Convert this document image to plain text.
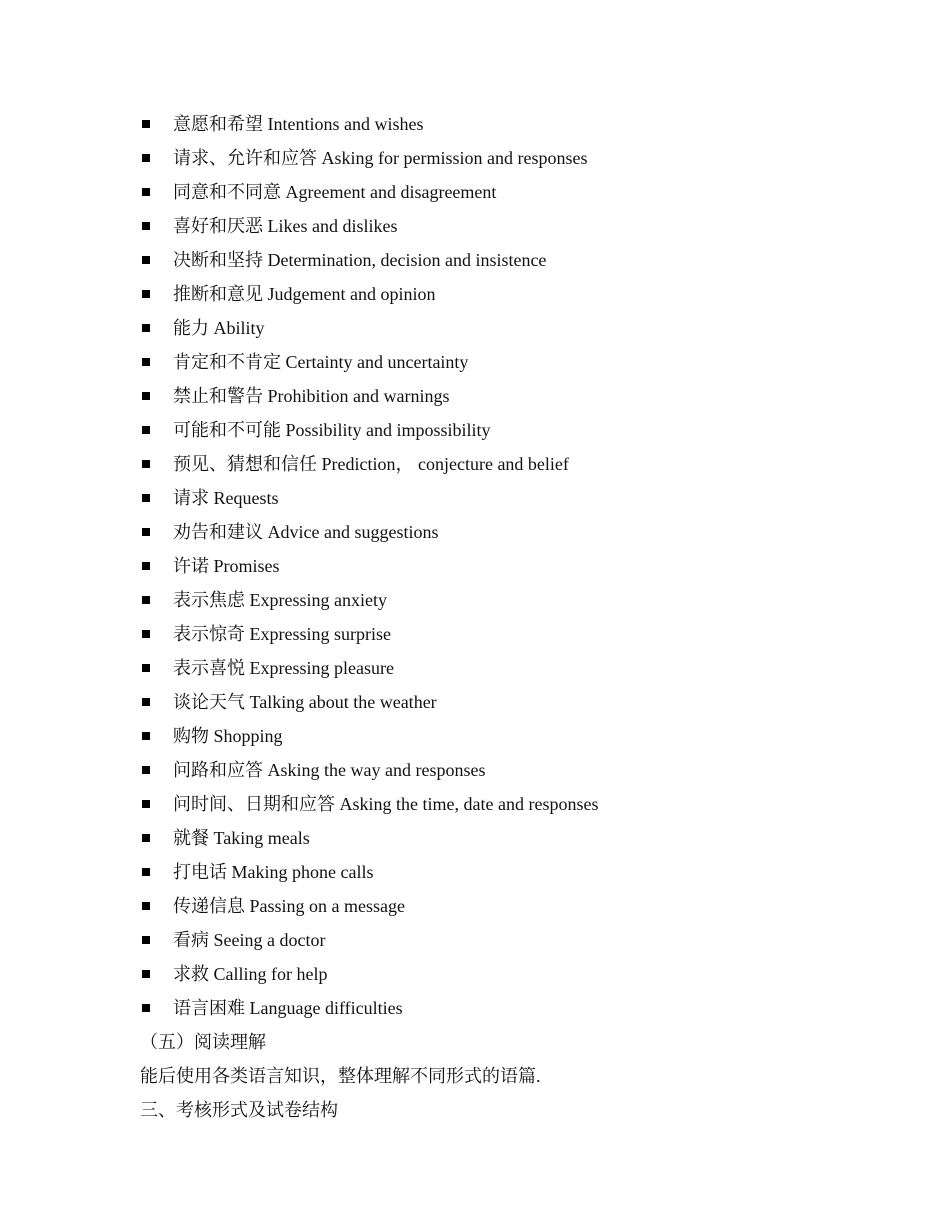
意愿和希望 Intentions and wishes
请求、允许和应答 Asking for permission and responses
同意和不同意 Agreement and disagreement
喜好和厌恶 Likes and dislikes
决断和坚持 Determination, decision and insistence
推断和意见 Judgement and opinion
能力 Ability
肯定和不肯定 Certainty and uncertainty
禁止和警告 Prohibition and warnings
可能和不可能 Possibility and impossibility
预见、猜想和信任 Prediction， conjecture and belief
请求 Requests
劝告和建议 Advice and suggestions
许诺 Promises
表示焦虑 Expressing anxiety
表示惊奇 Expressing surprise
表示喜悦 Expressing pleasure
谈论天气 Talking about the weather
购物 Shopping
问路和应答 Asking the way and responses
问时间、日期和应答 Asking the time, date and responses
就餐 Taking meals
打电话 Making phone calls
传递信息 Passing on a message
看病 Seeing a doctor
求救 Calling for help
语言困难 Language difficulties
（五）阅读理解
能后使用各类语言知识，整体理解不同形式的语篇.
三、考核形式及试卷结构
